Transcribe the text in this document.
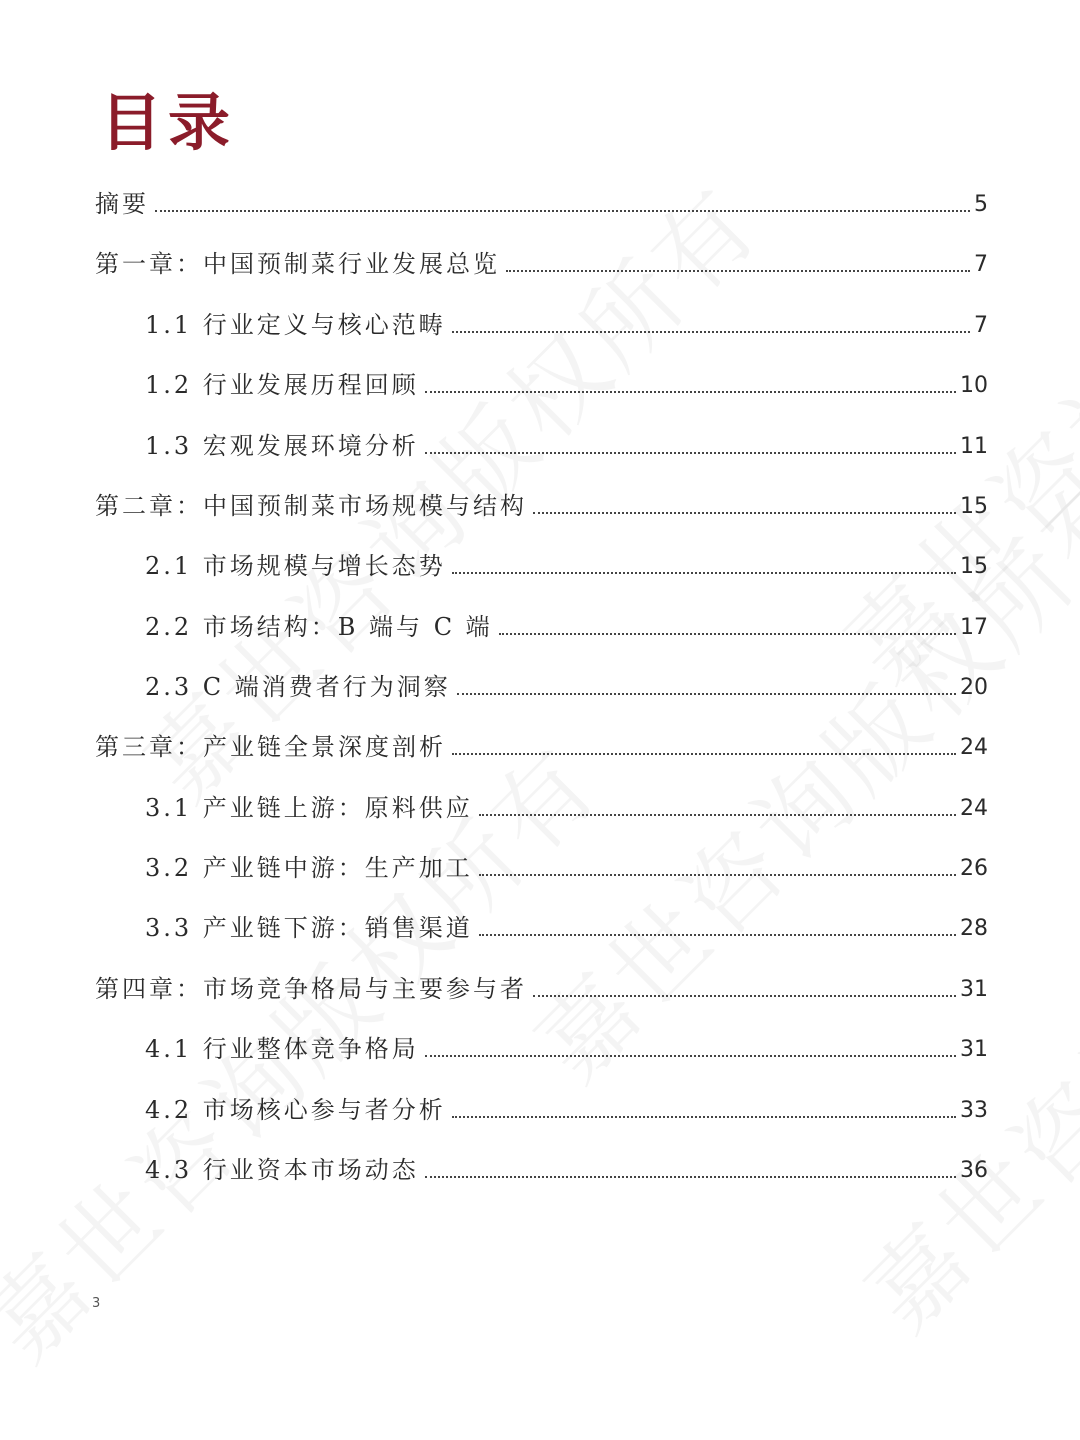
目录
摘要	5
第一章：中国预制菜行业发展总览	7
1.1 行业定义与核心范畴	7
1.2 行业发展历程回顾	10
1.3 宏观发展环境分析	11
第二章：中国预制菜市场规模与结构	15
2.1 市场规模与增长态势	15
2.2 市场结构：B 端与 C 端	17
2.3 C 端消费者行为洞察	20
第三章：产业链全景深度剖析	24
3.1 产业链上游：原料供应	24
3.2 产业链中游：生产加工	26
3.3 产业链下游：销售渠道	28
第四章：市场竞争格局与主要参与者	31
4.1 行业整体竞争格局	31
4.2 市场核心参与者分析	33
4.3 行业资本市场动态	36
3
